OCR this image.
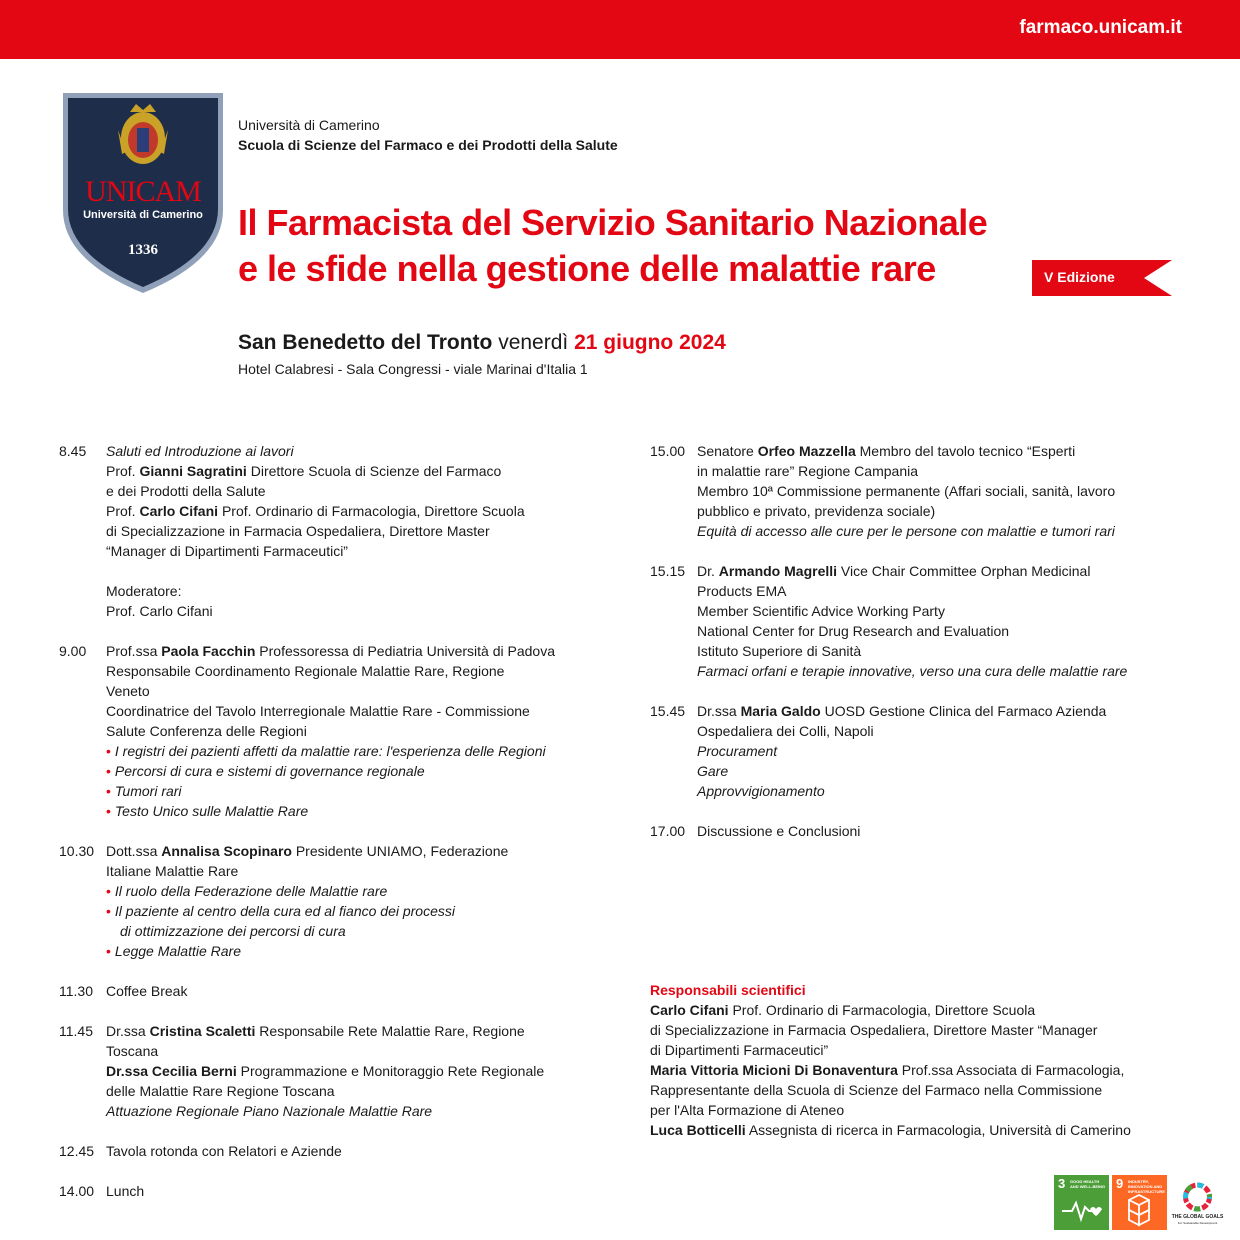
farmaco.unicam.it
UNICAM
Università di Camerino
1336
Università di Camerino
Scuola di Scienze del Farmaco e dei Prodotti della Salute
Il Farmacista del Servizio Sanitario Nazionale
e le sfide nella gestione delle malattie rare	V Edizione
San Benedetto del Tronto venerdì 21 giugno 2024
Hotel Calabresi - Sala Congressi - viale Marinai d'Italia 1
8.45	Saluti ed Introduzione ai lavori
Prof. Gianni Sagratini Direttore Scuola di Scienze del Farmaco
e dei Prodotti della Salute
Prof. Carlo Cifani Prof. Ordinario di Farmacologia, Direttore Scuola
di Specializzazione in Farmacia Ospedaliera, Direttore Master
“Manager di Dipartimenti Farmaceutici”
Moderatore:
Prof. Carlo Cifani
9.00	Prof.ssa Paola Facchin Professoressa di Pediatria Università di Padova
Responsabile Coordinamento Regionale Malattie Rare, Regione
Veneto
Coordinatrice del Tavolo Interregionale Malattie Rare - Commissione
Salute Conferenza delle Regioni
• I registri dei pazienti affetti da malattie rare: l'esperienza delle Regioni
• Percorsi di cura e sistemi di governance regionale
• Tumori rari
• Testo Unico sulle Malattie Rare
10.30 Dott.ssa Annalisa Scopinaro Presidente UNIAMO, Federazione
Italiane Malattie Rare
• Il ruolo della Federazione delle Malattie rare
• Il paziente al centro della cura ed al fianco dei processi
di ottimizzazione dei percorsi di cura
• Legge Malattie Rare
11.30 Coffee Break
11.45 Dr.ssa Cristina Scaletti Responsabile Rete Malattie Rare, Regione
Toscana
Dr.ssa Cecilia Berni Programmazione e Monitoraggio Rete Regionale
delle Malattie Rare Regione Toscana
Attuazione Regionale Piano Nazionale Malattie Rare
12.45 Tavola rotonda con Relatori e Aziende
14.00 Lunch
15.00 Senatore Orfeo Mazzella Membro del tavolo tecnico “Esperti
in malattie rare” Regione Campania
Membro 10ª Commissione permanente (Affari sociali, sanità, lavoro
pubblico e privato, previdenza sociale)
Equità di accesso alle cure per le persone con malattie e tumori rari
15.15 Dr. Armando Magrelli Vice Chair Committee Orphan Medicinal
Products EMA
Member Scientific Advice Working Party
National Center for Drug Research and Evaluation
Istituto Superiore di Sanità
Farmaci orfani e terapie innovative, verso una cura delle malattie rare
15.45 Dr.ssa Maria Galdo UOSD Gestione Clinica del Farmaco Azienda
Ospedaliera dei Colli, Napoli
Procurament
Gare
Approvvigionamento
17.00 Discussione e Conclusioni
Responsabili scientifici
Carlo Cifani Prof. Ordinario di Farmacologia, Direttore Scuola
di Specializzazione in Farmacia Ospedaliera, Direttore Master “Manager
di Dipartimenti Farmaceutici”
Maria Vittoria Micioni Di Bonaventura Prof.ssa Associata di Farmacologia,
Rappresentante della Scuola di Scienze del Farmaco nella Commissione
per l'Alta Formazione di Ateneo
Luca Botticelli Assegnista di ricerca in Farmacologia, Università di Camerino
3 GOOD HEALTH AND WELL-BEING 9 INDUSTRY, INNOVATION AND INFRASTRUCTURE
THE GLOBAL GOALS
For Sustainable Development
